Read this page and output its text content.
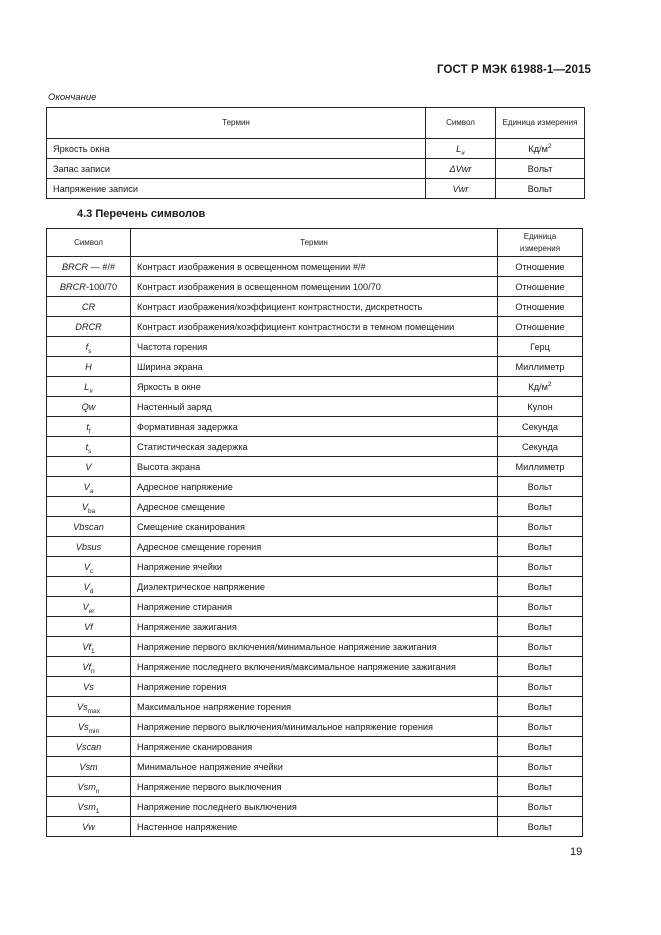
ГОСТ Р МЭК 61988-1—2015
Окончание
Термин	Символ	Единица измерения
Яркость окна	$L_{\#}$	$Кд/м^2$
Запас записи	ΔVwr	Вольт
Напряжение записи	Vwr	Вольт
4.3 Перечень символов
Символ	Термин	Единица измерения
BRCR — #/#	Контраст изображения в освещенном помещении #/#	Отношение
BRCR-100/70	Контраст изображения в освещенном помещении 100/70	Отношение
CR	Контраст изображения/коэффициент контрастности, дискретность	Отношение
DRCR	Контраст изображения/коэффициент контрастности в темном помещении	Отношение
$f_s$	Частота горения	Герц
H	Ширина экрана	Миллиметр
$L_{\#}$	Яркость в окне	$Кд/м^2$
Qw	Настенный заряд	Кулон
$t_f$	Формативная задержка	Секунда
$t_s$	Статистическая задержка	Секунда
V	Высота экрана	Миллиметр
$V_a$	Адресное напряжение	Вольт
$V_{ba}$	Адресное смещение	Вольт
Vbscan	Смещение сканирования	Вольт
Vbsus	Адресное смещение горения	Вольт
$V_c$	Напряжение ячейки	Вольт
$V_d$	Диэлектрическое напряжение	Вольт
$V_{er}$	Напряжение стирания	Вольт
Vf	Напряжение зажигания	Вольт
$Vf_1$	Напряжение первого включения/минимальное напряжение зажигания	Вольт
$Vf_n$	Напряжение последнего включения/максимальное напряжение зажигания	Вольт
Vs	Напряжение горения	Вольт
$Vs_{max}$	Максимальное напряжение горения	Вольт
$Vs_{min}$	Напряжение первого выключения/минимальное напряжение горения	Вольт
Vscan	Напряжение сканирования	Вольт
Vsm	Минимальное напряжение ячейки	Вольт
Vsm$_n$	Напряжение первого выключения	Вольт
Vsm$_1$	Напряжение последнего выключения	Вольт
Vw	Настенное напряжение	Вольт
19
